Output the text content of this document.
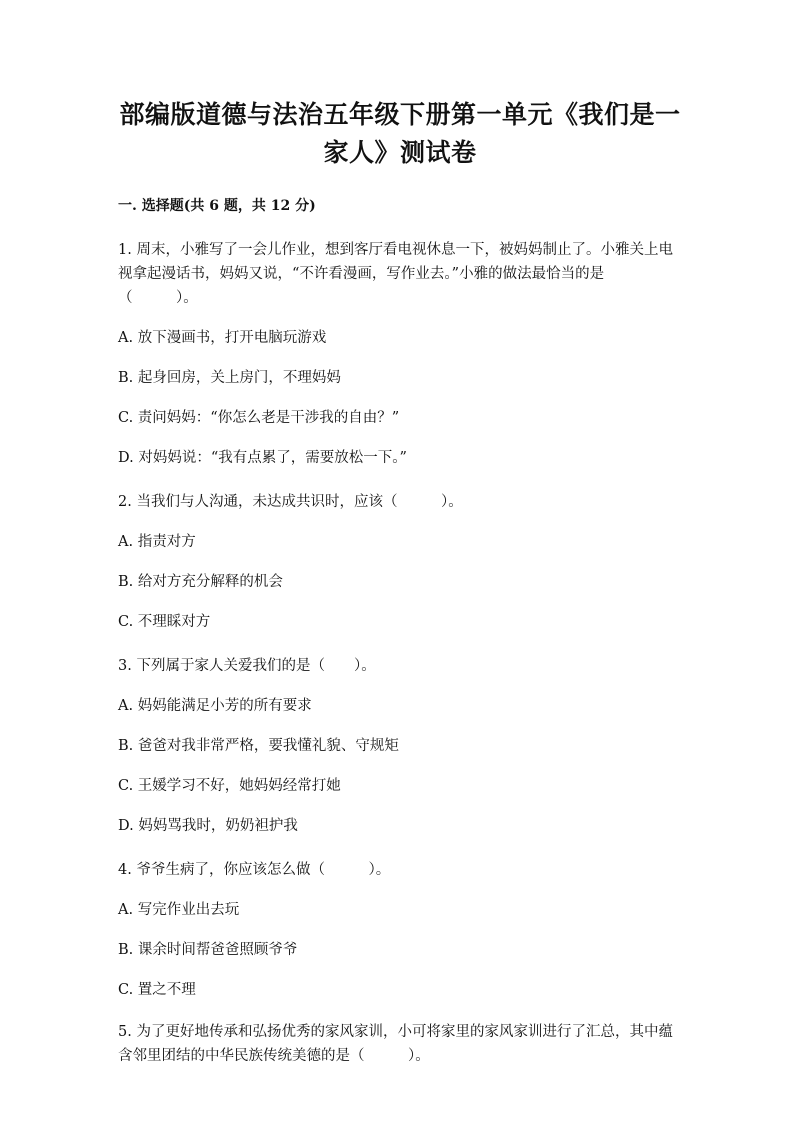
部编版道德与法治五年级下册第一单元《我们是一
家人》测试卷
一. 选择题(共 6 题，共 12 分)

1. 周末，小雅写了一会儿作业，想到客厅看电视休息一下，被妈妈制止了。小雅关上电视拿起漫话书，妈妈又说，“不许看漫画，写作业去。”小雅的做法最恰当的是（　　　）。

A. 放下漫画书，打开电脑玩游戏

B. 起身回房，关上房门，不理妈妈

C. 责问妈妈：“你怎么老是干涉我的自由？”

D. 对妈妈说：“我有点累了，需要放松一下。”

2. 当我们与人沟通，未达成共识时，应该（　　　）。

A. 指责对方

B. 给对方充分解释的机会

C. 不理睬对方

3. 下列属于家人关爱我们的是（　　）。

A. 妈妈能满足小芳的所有要求

B. 爸爸对我非常严格，要我懂礼貌、守规矩

C. 王媛学习不好，她妈妈经常打她

D. 妈妈骂我时，奶奶袒护我

4. 爷爷生病了，你应该怎么做（　　　）。

A. 写完作业出去玩

B. 课余时间帮爸爸照顾爷爷

C. 置之不理

5. 为了更好地传承和弘扬优秀的家风家训，小可将家里的家风家训进行了汇总，其中蕴含邻里团结的中华民族传统美德的是（　　　）。
